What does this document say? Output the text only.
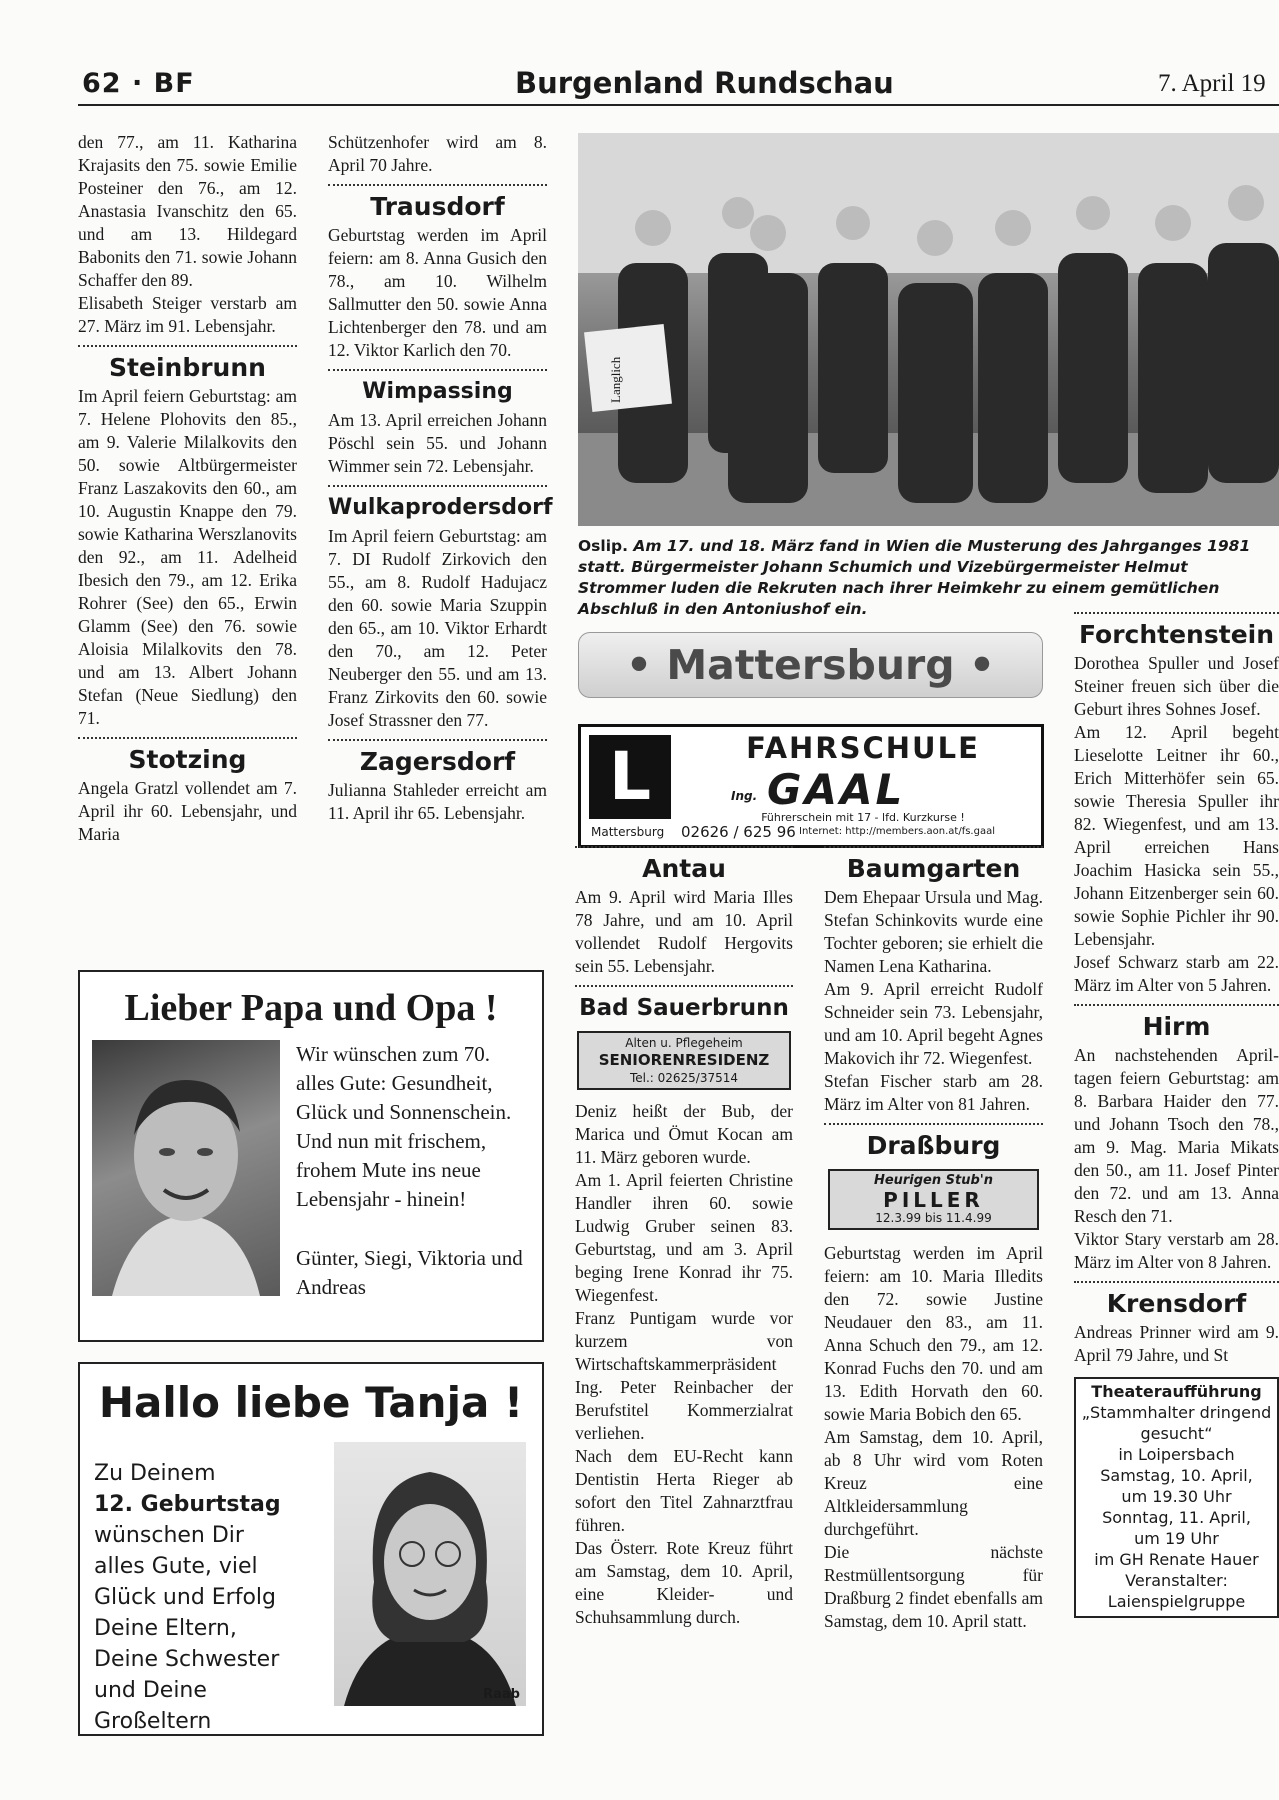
62 · BF	Burgenland Rundschau	7. April 19

den 77., am 11. Katharina Krajasits den 75. sowie Emilie Posteiner den 76., am 12. Anastasia Ivanschitz den 65. und am 13. Hildegard Babonits den 71. sowie Johann Schaffer den 89.

Elisabeth Steiger verstarb am 27. März im 91. Lebensjahr.

Steinbrunn

Im April feiern Geburtstag: am 7. Helene Plohovits den 85., am 9. Valerie Milalkovits den 50. sowie Altbürgermeister Franz Laszakovits den 60., am 10. Augustin Knappe den 79. sowie Katharina Werszlanovits den 92., am 11. Adelheid Ibesich den 79., am 12. Erika Rohrer (See) den 65., Erwin Glamm (See) den 76. sowie Aloisia Milalkovits den 78. und am 13. Albert Johann Stefan (Neue Siedlung) den 71.

Stotzing

Angela Gratzl vollendet am 7. April ihr 60. Lebensjahr, und Maria

Schützenhofer wird am 8. April 70 Jahre.

Trausdorf

Geburtstag werden im April feiern: am 8. Anna Gusich den 78., am 10. Wilhelm Sallmutter den 50. sowie Anna Lichtenberger den 78. und am 12. Viktor Karlich den 70.

Wimpassing

Am 13. April erreichen Johann Pöschl sein 55. und Johann Wimmer sein 72. Lebensjahr.

Wulkaprodersdorf

Im April feiern Geburtstag: am 7. DI Rudolf Zirkovich den 55., am 8. Rudolf Hadujacz den 60. sowie Maria Szuppin den 65., am 10. Viktor Erhardt den 70., am 12. Peter Neuberger den 55. und am 13. Franz Zirkovits den 60. sowie Josef Strassner den 77.

Zagersdorf

Julianna Stahleder erreicht am 11. April ihr 65. Lebensjahr.

Lieber Papa und Opa !
Wir wünschen zum 70. alles Gute: Gesundheit, Glück und Sonnenschein. Und nun mit frischem, frohem Mute ins neue Lebensjahr - hinein!
Günter, Siegi, Viktoria und Andreas
Hallo liebe Tanja !
Zu Deinem
12. Geburtstag
wünschen Dir alles Gute, viel Glück und Erfolg Deine Eltern, Deine Schwester und Deine Großeltern
Raab
Langlich
Oslip. Am 17. und 18. März fand in Wien die Musterung des Jahrganges 1981 statt. Bürgermeister Johann Schumich und Vizebürgermeister Helmut Strommer luden die Rekruten nach ihrer Heimkehr zu einem gemütlichen Abschluß in den Antoniushof ein.
• Mattersburg •
L	FAHRSCHULE
Ing. GAAL
Führerschein mit 17 - lfd. Kurzkurse !
Mattersburg 02626 / 625 96 Internet: http://members.aon.at/fs.gaal
Antau

Am 9. April wird Maria Illes 78 Jahre, und am 10. April vollendet Rudolf Hergovits sein 55. Lebensjahr.

Bad Sauerbrunn
Alten u. Pflegeheim
SENIORENRESIDENZ
Tel.: 02625/37514

Deniz heißt der Bub, der Marica und Ömut Kocan am 11. März geboren wurde.

Am 1. April feierten Christine Handler ihren 60. sowie Ludwig Gruber seinen 83. Geburtstag, und am 3. April beging Irene Konrad ihr 75. Wiegenfest.

Franz Puntigam wurde vor kurzem von Wirtschaftskammerpräsident Ing. Peter Reinbacher der Berufstitel Kommerzialrat verliehen.

Nach dem EU-Recht kann Dentistin Herta Rieger ab sofort den Titel Zahnarztfrau führen.

Das Österr. Rote Kreuz führt am Samstag, dem 10. April, eine Kleider- und Schuhsammlung durch.

Baumgarten

Dem Ehepaar Ursula und Mag. Stefan Schinkovits wurde eine Tochter geboren; sie erhielt die Namen Lena Katharina.

Am 9. April erreicht Rudolf Schneider sein 73. Lebensjahr, und am 10. April begeht Agnes Makovich ihr 72. Wiegenfest.

Stefan Fischer starb am 28. März im Alter von 81 Jahren.

Draßburg
Heurigen Stub'n
PILLER
12.3.99 bis 11.4.99

Geburtstag werden im April feiern: am 10. Maria Illedits den 72. sowie Justine Neudauer den 83., am 11. Anna Schuch den 79., am 12. Konrad Fuchs den 70. und am 13. Edith Horvath den 60. sowie Maria Bobich den 65.

Am Samstag, dem 10. April, ab 8 Uhr wird vom Roten Kreuz eine Altkleidersammlung durchgeführt.

Die nächste Restmüllentsorgung für Draßburg 2 findet ebenfalls am Samstag, dem 10. April statt.

Forchtenstein

Dorothea Spuller und Josef Steiner freuen sich über die Geburt ihres Sohnes Josef.

Am 12. April begeht Lieselotte Leitner ihr 60., Erich Mitterhöfer sein 65. sowie Theresia Spuller ihr 82. Wiegenfest, und am 13. April erreichen Hans Joachim Hasicka sein 55., Johann Eitzenberger sein 60. sowie Sophie Pichler ihr 90. Lebensjahr.

Josef Schwarz starb am 22. März im Alter von 5 Jahren.

Hirm

An nachstehenden April-tagen feiern Geburtstag: am 8. Barbara Haider den 77. und Johann Tsoch den 78., am 9. Mag. Maria Mikats den 50., am 11. Josef Pinter den 72. und am 13. Anna Resch den 71.

Viktor Stary verstarb am 28. März im Alter von 8 Jahren.

Krensdorf

Andreas Prinner wird am 9. April 79 Jahre, und St

Theateraufführung
„Stammhalter dringend gesucht“
in Loipersbach
Samstag, 10. April,
um 19.30 Uhr
Sonntag, 11. April,
um 19 Uhr
im GH Renate Hauer
Veranstalter:
Laienspielgruppe
